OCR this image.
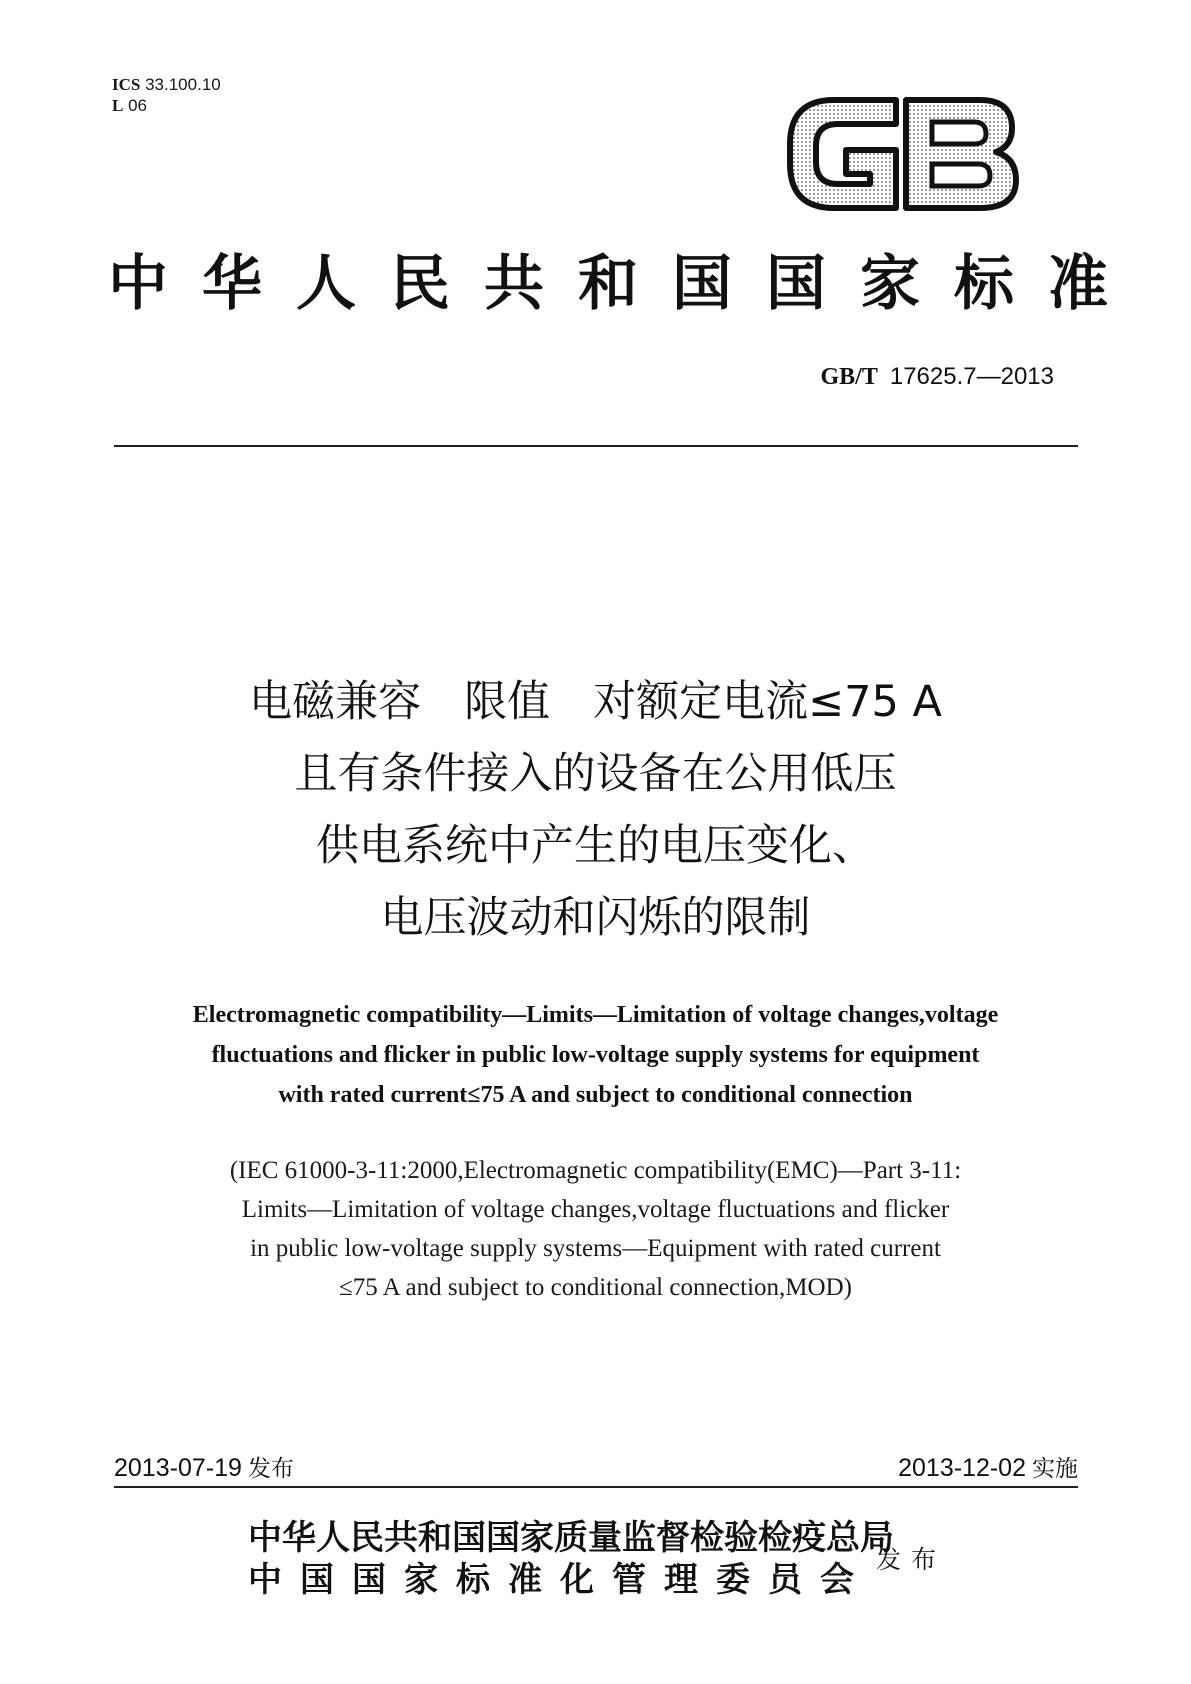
ICS 33.100.10
L 06
中华人民共和国国家标准
GB/T 17625.7—2013
电磁兼容　限值　对额定电流≤75 A
且有条件接入的设备在公用低压
供电系统中产生的电压变化、
电压波动和闪烁的限制
Electromagnetic compatibility—Limits—Limitation of voltage changes,voltage
fluctuations and flicker in public low-voltage supply systems for equipment
with rated current≤75 A and subject to conditional connection
(IEC 61000-3-11:2000,Electromagnetic compatibility(EMC)—Part 3-11:
Limits—Limitation of voltage changes,voltage fluctuations and flicker
in public low-voltage supply systems—Equipment with rated current
≤75 A and subject to conditional connection,MOD)
2013-07-19 发布	2013-12-02 实施
中华人民共和国国家质量监督检验检疫总局
中国国家标准化管理委员会
发布
